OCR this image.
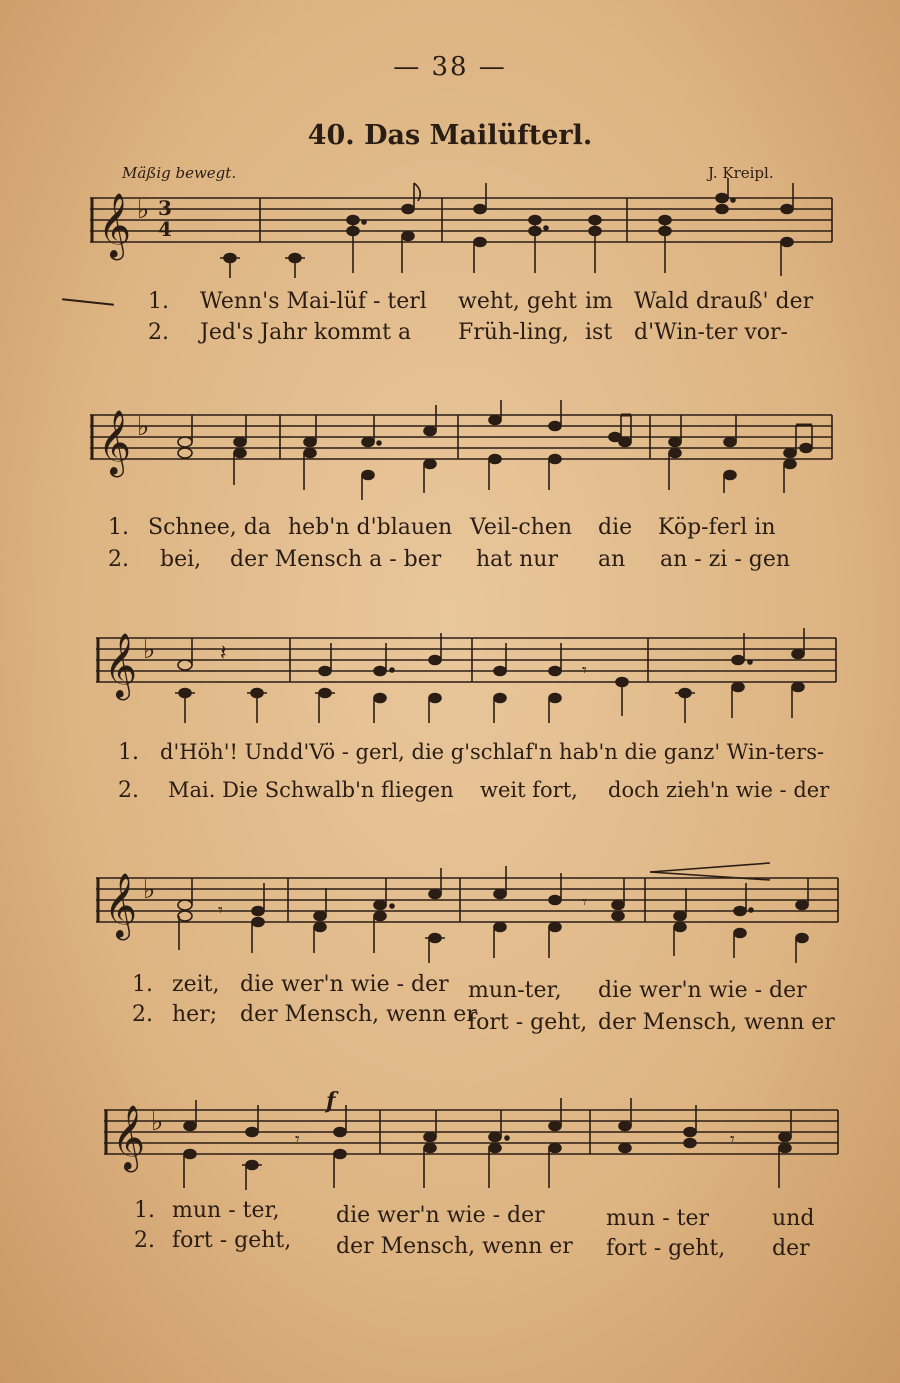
— 38 —
40. Das Mailüfterl.
Mäßig bewegt.	J. Kreipl.
𝄞 ♭ 3
4
1. Wenn's Mai-lüf - terl weht, geht im Wald drauß' der
2. Jed's Jahr kommt a Früh-ling, ist d'Win-ter vor-
𝄞 ♭
1. Schnee, da heb'n d'blauen Veil-chen die Köp-ferl in
2. bei, der Mensch a - ber hat nur an an - zi - gen
𝄞 ♭	𝄽
𝄾
1. d'Höh'! Und d'Vö - gerl, die g'schlaf'n hab'n die ganz' Win-ters-
2. Mai. Die Schwalb'n fliegen weit fort, doch zieh'n wie - der
𝄞 ♭
𝄾	𝄾
1. zeit, die wer'n wie - der mun-ter, die wer'n wie - der
2. her; der Mensch, wenn er
fort - geht, der Mensch, wenn er
𝄞 ♭
f
𝄾	𝄾
1. mun - ter,	die wer'n wie - der	mun - ter	und
2. fort - geht, der Mensch, wenn er fort - geht, der
